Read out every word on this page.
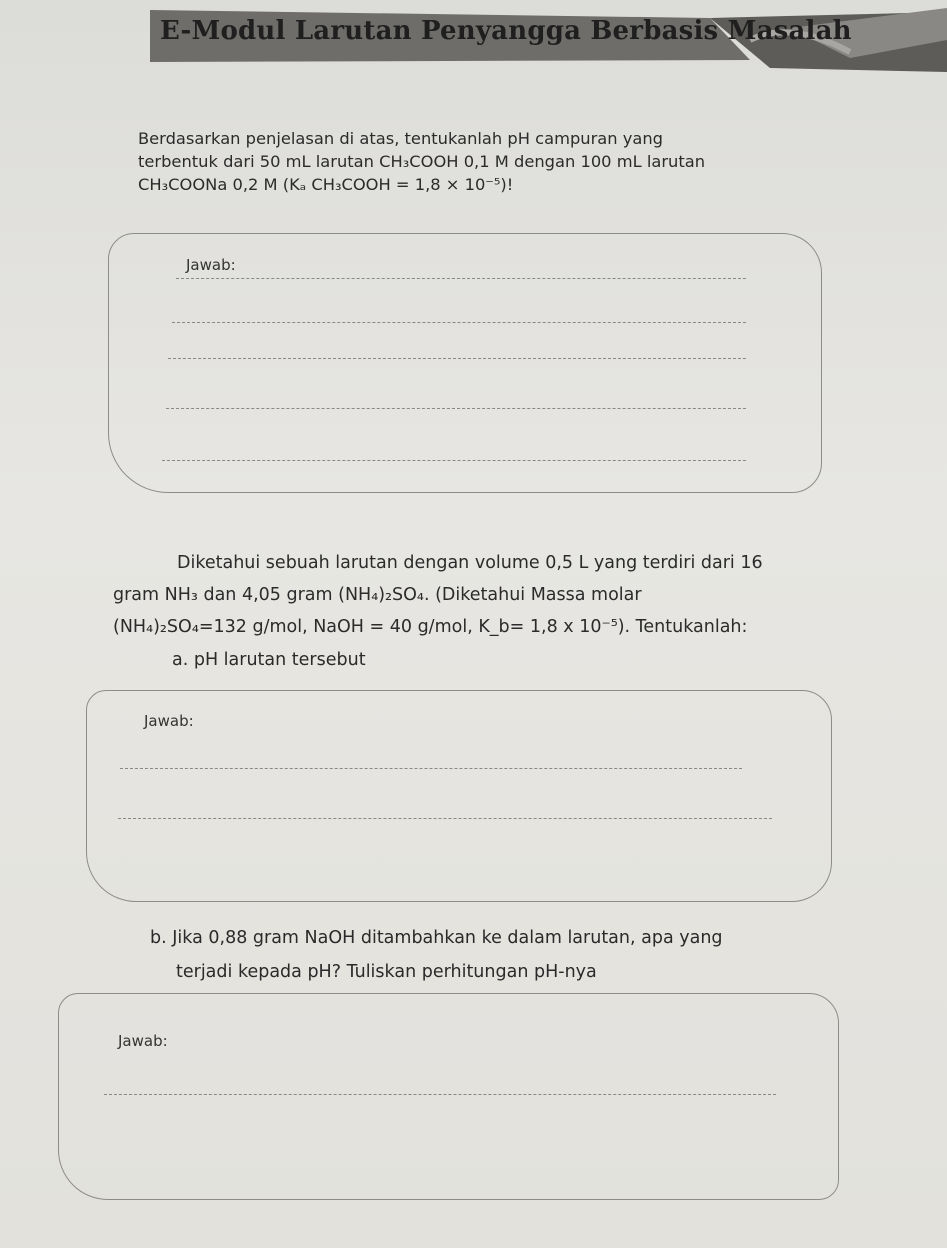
E-Modul Larutan Penyangga Berbasis Masalah
Berdasarkan penjelasan di atas, tentukanlah pH campuran yang
terbentuk dari 50 mL larutan CH₃COOH 0,1 M dengan 100 mL larutan
CH₃COONa 0,2 M (Kₐ CH₃COOH = 1,8 × 10⁻⁵)!
Jawab:
Diketahui sebuah larutan dengan volume 0,5 L yang terdiri dari 16
gram NH₃ dan 4,05 gram (NH₄)₂SO₄. (Diketahui Massa molar
(NH₄)₂SO₄=132 g/mol, NaOH = 40 g/mol, K_b= 1,8 x 10⁻⁵). Tentukanlah:
a. pH larutan tersebut
Jawab:
b. Jika 0,88 gram NaOH ditambahkan ke dalam larutan, apa yang
terjadi kepada pH? Tuliskan perhitungan pH-nya
Jawab:
